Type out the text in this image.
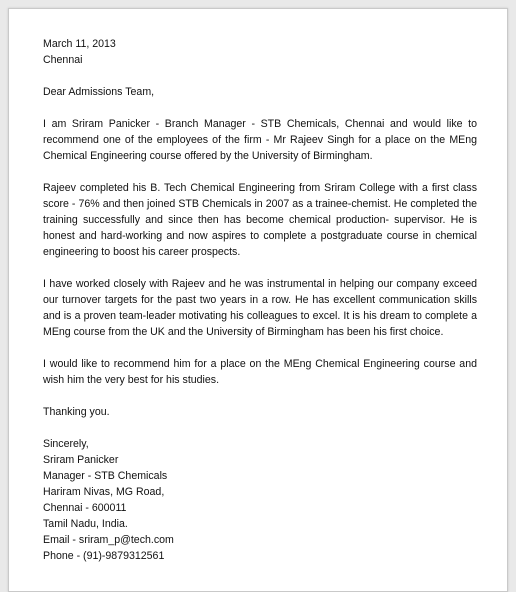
March 11, 2013
Chennai
Dear Admissions Team,

I am Sriram Panicker - Branch Manager - STB Chemicals, Chennai and would like to recommend one of the employees of the firm - Mr Rajeev Singh for a place on the MEng Chemical Engineering course offered by the University of Birmingham.

Rajeev completed his B. Tech Chemical Engineering from Sriram College with a first class score - 76% and then joined STB Chemicals in 2007 as a trainee-chemist. He completed the training successfully and since then has become chemical production- supervisor. He is honest and hard-working and now aspires to complete a postgraduate course in chemical engineering to boost his career prospects.

I have worked closely with Rajeev and he was instrumental in helping our company exceed our turnover targets for the past two years in a row. He has excellent communication skills and is a proven team-leader motivating his colleagues to excel. It is his dream to complete a MEng course from the UK and the University of Birmingham has been his first choice.

I would like to recommend him for a place on the MEng Chemical Engineering course and wish him the very best for his studies.

Thanking you.
Sincerely,
Sriram Panicker
Manager - STB Chemicals
Hariram Nivas, MG Road,
Chennai - 600011
Tamil Nadu, India.
Email - sriram_p@tech.com
Phone - (91)-9879312561
